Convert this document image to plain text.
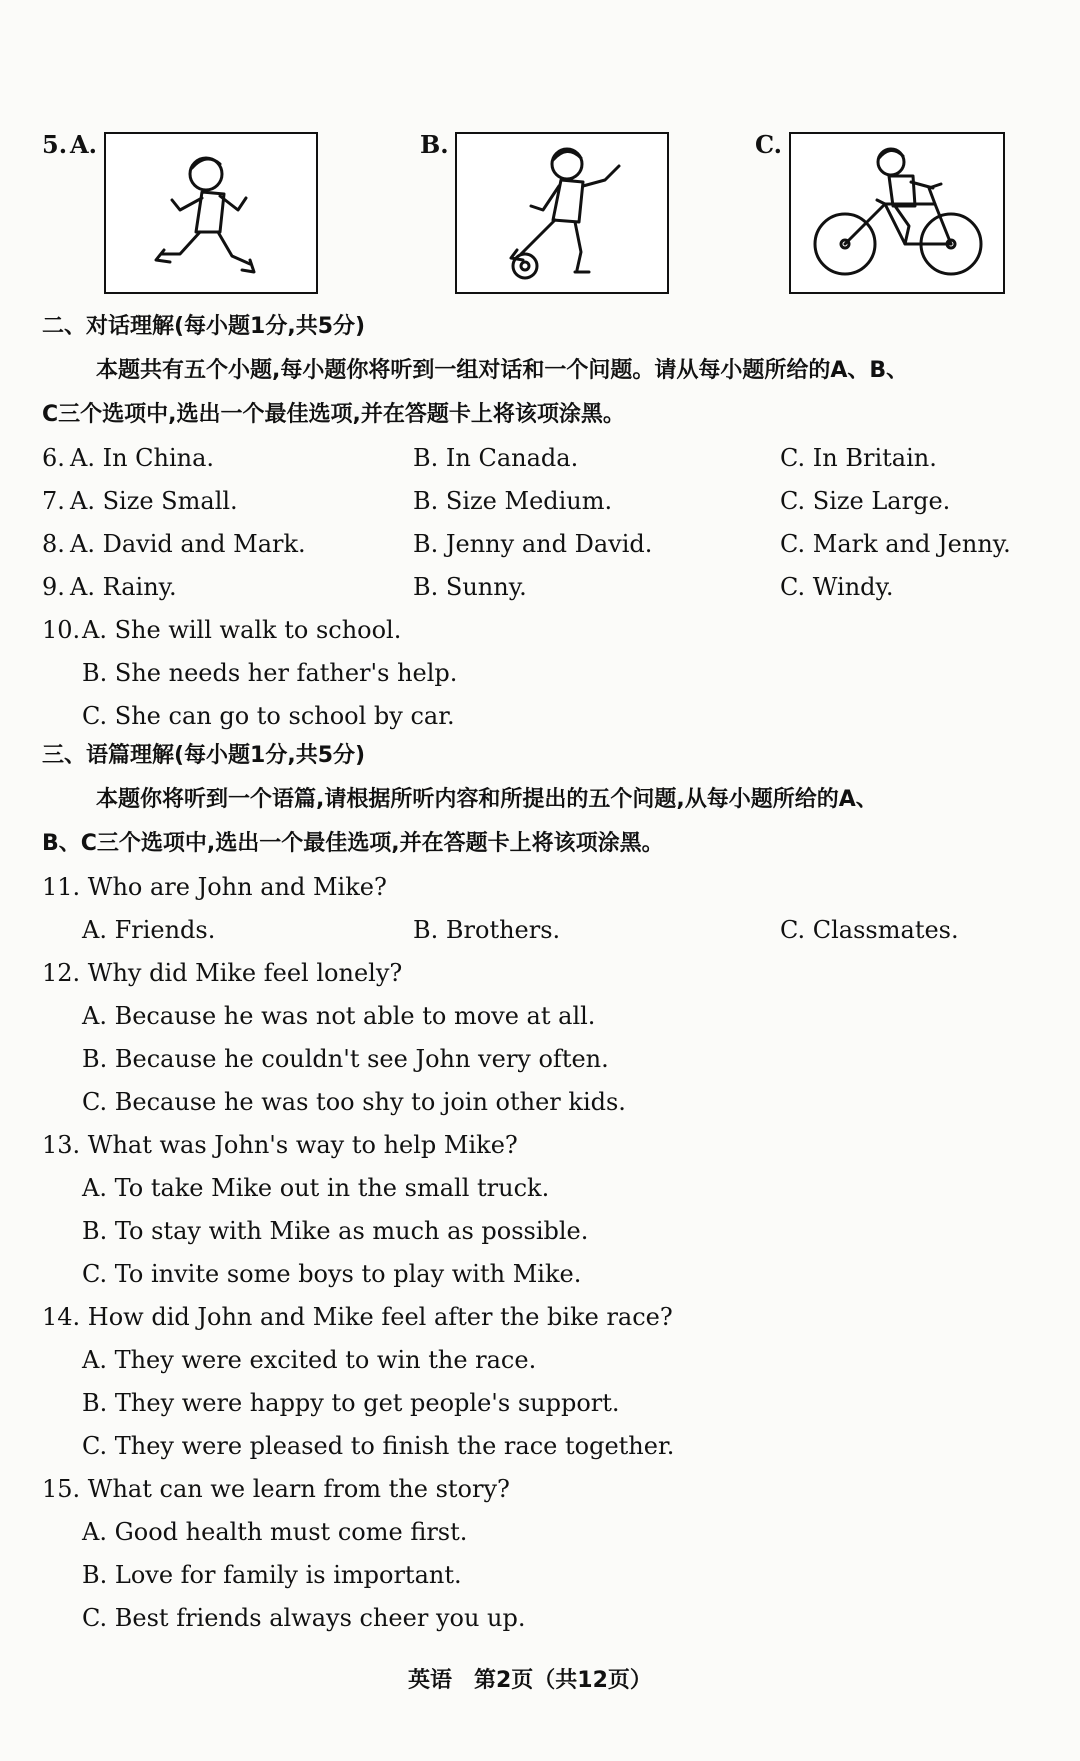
5. A.	B.	C.
二、对话理解(每小题1分,共5分)
本题共有五个小题,每小题你将听到一组对话和一个问题。请从每小题所给的A、B、
C三个选项中,选出一个最佳选项,并在答题卡上将该项涂黑。
6. A. In China.	B. In Canada.	C. In Britain.
7. A. Size Small.	B. Size Medium.	C. Size Large.
8. A. David and Mark.	B. Jenny and David.	C. Mark and Jenny.
9. A. Rainy.	B. Sunny.	C. Windy.
10. A. She will walk to school.
B. She needs her father's help.
C. She can go to school by car.
三、语篇理解(每小题1分,共5分)
本题你将听到一个语篇,请根据所听内容和所提出的五个问题,从每小题所给的A、
B、C三个选项中,选出一个最佳选项,并在答题卡上将该项涂黑。
11. Who are John and Mike?
A. Friends.	B. Brothers.	C. Classmates.
12. Why did Mike feel lonely?
A. Because he was not able to move at all.
B. Because he couldn't see John very often.
C. Because he was too shy to join other kids.
13. What was John's way to help Mike?
A. To take Mike out in the small truck.
B. To stay with Mike as much as possible.
C. To invite some boys to play with Mike.
14. How did John and Mike feel after the bike race?
A. They were excited to win the race.
B. They were happy to get people's support.
C. They were pleased to finish the race together.
15. What can we learn from the story?
A. Good health must come first.
B. Love for family is important.
C. Best friends always cheer you up.
英语　第2页（共12页）
